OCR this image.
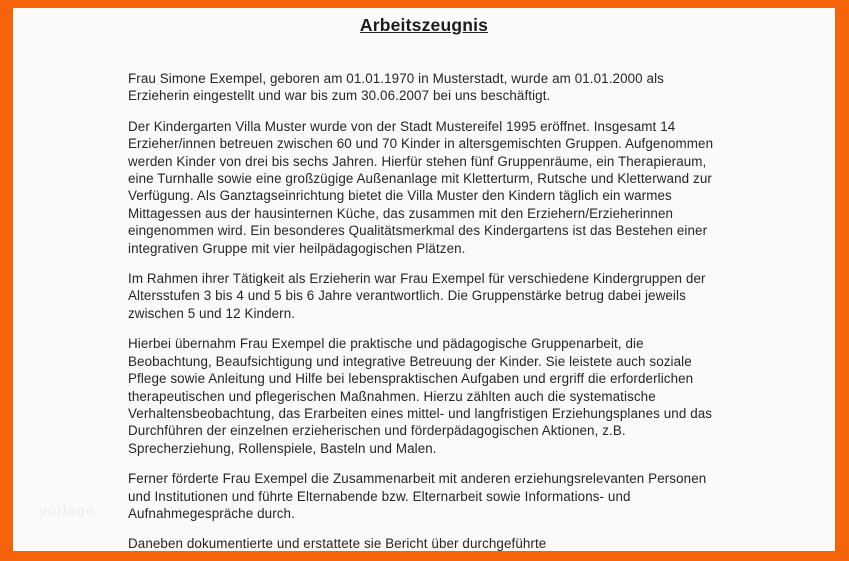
Arbeitszeugnis
vorlage

Frau Simone Exempel, geboren am 01.01.1970 in Musterstadt, wurde am 01.01.2000 als Erzieherin eingestellt und war bis zum 30.06.2007 bei uns beschäftigt.

Der Kindergarten Villa Muster wurde von der Stadt Mustereifel 1995 eröffnet. Insgesamt 14 Erzieher/innen betreuen zwischen 60 und 70 Kinder in altersgemischten Gruppen. Aufgenommen werden Kinder von drei bis sechs Jahren. Hierfür stehen fünf Gruppenräume, ein Therapieraum, eine Turnhalle sowie eine großzügige Außenanlage mit Kletterturm, Rutsche und Kletterwand zur Verfügung. Als Ganztagseinrichtung bietet die Villa Muster den Kindern täglich ein warmes Mittagessen aus der hausinternen Küche, das zusammen mit den Erziehern/Erzieherinnen eingenommen wird. Ein besonderes Qualitätsmerkmal des Kindergartens ist das Bestehen einer integrativen Gruppe mit vier heilpädagogischen Plätzen.

Im Rahmen ihrer Tätigkeit als Erzieherin war Frau Exempel für verschiedene Kindergruppen der Altersstufen 3 bis 4 und 5 bis 6 Jahre verantwortlich. Die Gruppenstärke betrug dabei jeweils zwischen 5 und 12 Kindern.

Hierbei übernahm Frau Exempel die praktische und pädagogische Gruppenarbeit, die Beobachtung, Beaufsichtigung und integrative Betreuung der Kinder. Sie leistete auch soziale Pflege sowie Anleitung und Hilfe bei lebenspraktischen Aufgaben und ergriff die erforderlichen therapeutischen und pflegerischen Maßnahmen. Hierzu zählten auch die systematische Verhaltensbeobachtung, das Erarbeiten eines mittel- und langfristigen Erziehungsplanes und das Durchführen der einzelnen erzieherischen und förderpädagogischen Aktionen, z.B. Sprecherziehung, Rollenspiele, Basteln und Malen.

Ferner förderte Frau Exempel die Zusammenarbeit mit anderen erziehungsrelevanten Personen und Institutionen und führte Elternabende bzw. Elternarbeit sowie Informations- und Aufnahmegespräche durch.

Daneben dokumentierte und erstattete sie Bericht über durchgeführte
